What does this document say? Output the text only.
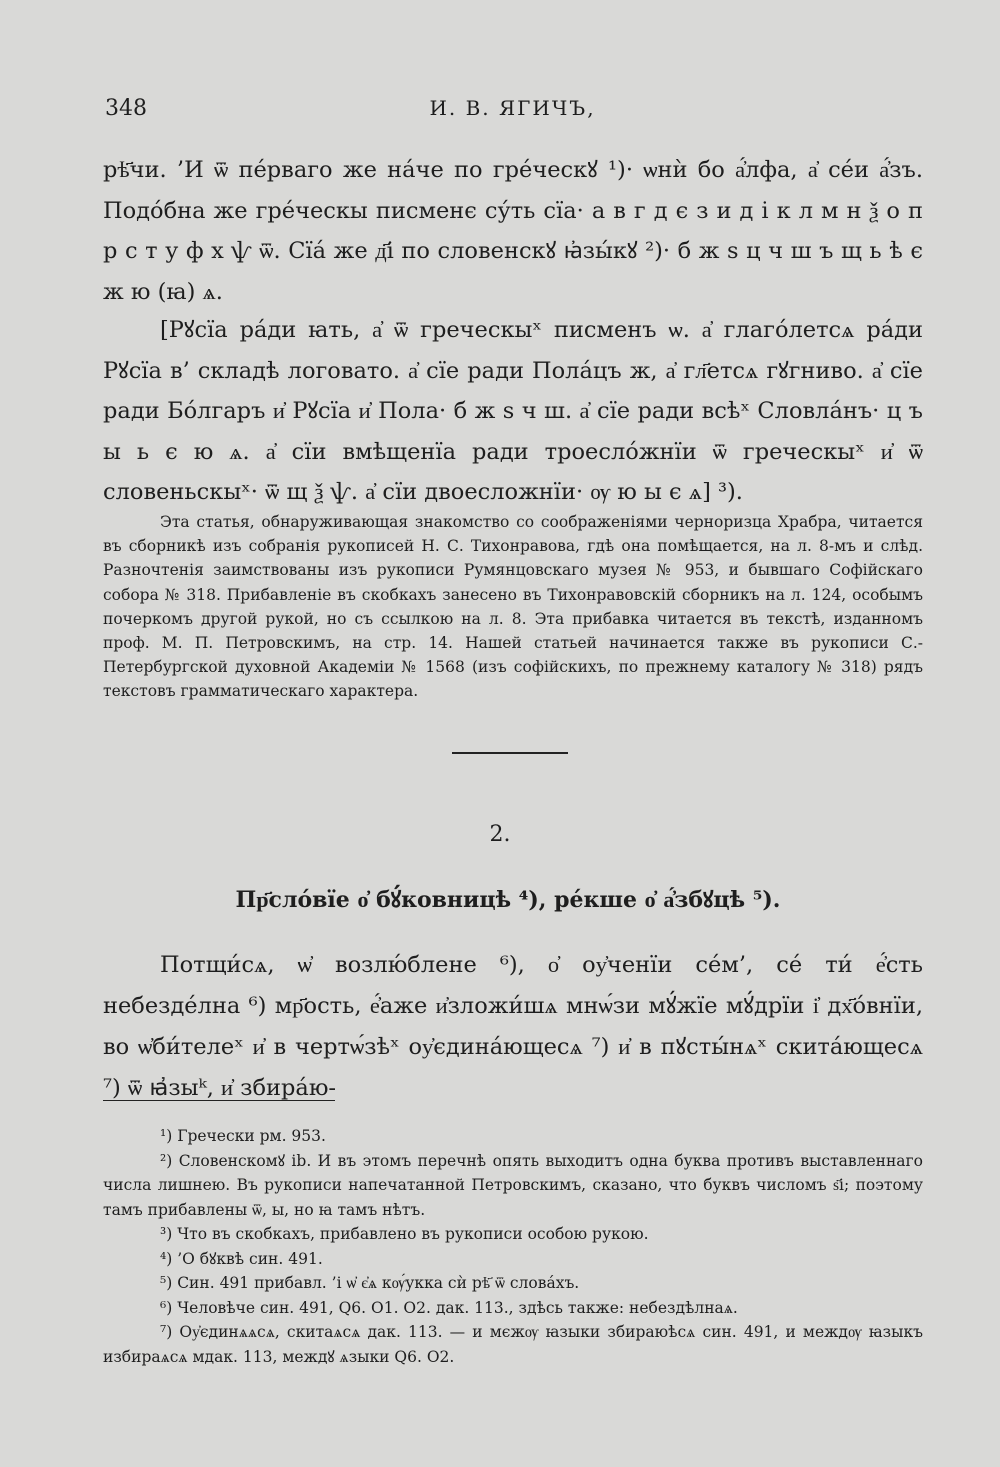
348	И. В. ЯГИЧЪ,

рѣ҃чи. ’И ѿ пе́рваго же на́че по гре́ческꙋ ¹)· ѡнѝ бо а҆́лфа, а҆ се́и а҆́зъ. Подо́бна же гре́ческы писменє су́ть сїа· а в г д є з и д і к л м н ѯ о п р с т у ф х ѱ ѿ. Сїа́ же д҃і по словенскꙋ ꙗ҆зы́кꙋ ²)· б ж ѕ ц ч ш ъ щ ь ѣ є ж ю (ꙗ) ѧ.

[Рꙋсїа ра́ди ꙗть, а҆ ѿ греческыˣ писменъ ѡ. а҆ глаго́летсѧ ра́ди Рꙋсїа в’ складѣ логовато. а҆ сїе ради Пола́цъ ж, а҆ гл҃етсѧ гꙋгниво. а҆ сїе ради Бо́лгаръ и҆ Рꙋсїа и҆ Пола· б ж ѕ ч ш. а҆ сїе ради всѣˣ Словла́нъ· ц ъ ы ь є ю ѧ. а҆ сїи вмѣщенїа ради троесло́жнїи ѿ греческыˣ и҆ ѿ словеньскыˣ· ѿ щ ѯ ѱ. а҆ сїи двоесложнїи· ѹ ю ы є ѧ] ³).

Эта статья, обнаруживающая знакомство со соображеніями черноризца Храбра, читается въ сборникѣ изъ собранія рукописей Н. С. Тихонравова, гдѣ она помѣщается, на л. 8-мъ и слѣд. Разночтенія заимствованы изъ рукописи Румянцовскаго музея № 953, и бывшаго Софійскаго собора № 318. Прибавленіе въ скобкахъ занесено въ Тихонравовскій сборникъ на л. 124, особымъ почеркомъ другой рукой, но съ ссылкою на л. 8. Эта прибавка читается въ текстѣ, изданномъ проф. М. П. Петровскимъ, на стр. 14. Нашей статьей начинается также въ рукописи С.-Петербургской духовной Академіи № 1568 (изъ софійскихъ, по прежнему каталогу № 318) рядъ текстовъ грамматическаго характера.

2.
Пр҃сло́вїе о҆ бꙋ́ковницѣ ⁴), ре́кше о҆ а҆́збꙋцѣ ⁵).

Потщи́сѧ, ѡ҆ возлю́блене ⁶), о҆ оу҆ченїи се́м’, се́ ти́ е҆́сть небезде́лна ⁶) мр҃ость, е҆́аже и҆зложи́шѧ мнѡ́зи мꙋ́жїе мꙋ́дрїи і҆ дх҃о́внїи, во ѡ҆би́телеˣ и҆ в чертѡ́зѣˣ оу҆єдина́ющесѧ ⁷) и҆ в пꙋсты́нѧˣ скита́ющесѧ ⁷) ѿ ꙗ҆зыᵏ, и҆ збира́ю-

¹) Гречески рм. 953.
²) Словенскомꙋ ib. И въ этомъ перечнѣ опять выходитъ одна буква противъ выставленнаго числа лишнею. Въ рукописи напечатанной Петровскимъ, сказано, что буквъ числомъ ѕ҃і; поэтому тамъ прибавлены ѿ, ы, но ꙗ тамъ нѣтъ.
³) Что въ скобкахъ, прибавлено въ рукописи особою рукою.
⁴) ’О бꙋквѣ син. 491.
⁵) Син. 491 прибавл. ’і ѡ҆ є҆ѧ кѹ́укка сѝ рѣ҃ ѿ слова́хъ.
⁶) Человѣче син. 491, Q6. O1. O2. дак. 113., здѣсь также: небездѣлнаѧ.
⁷) Оу҆єдинѧѧсѧ, скитаѧсѧ дак. 113. — и мєжѹ ꙗзыки збираюѣсѧ син. 491, и междѹ ꙗзыкъ избираѧсѧ мдак. 113, междꙋ ѧзыки Q6. O2.
